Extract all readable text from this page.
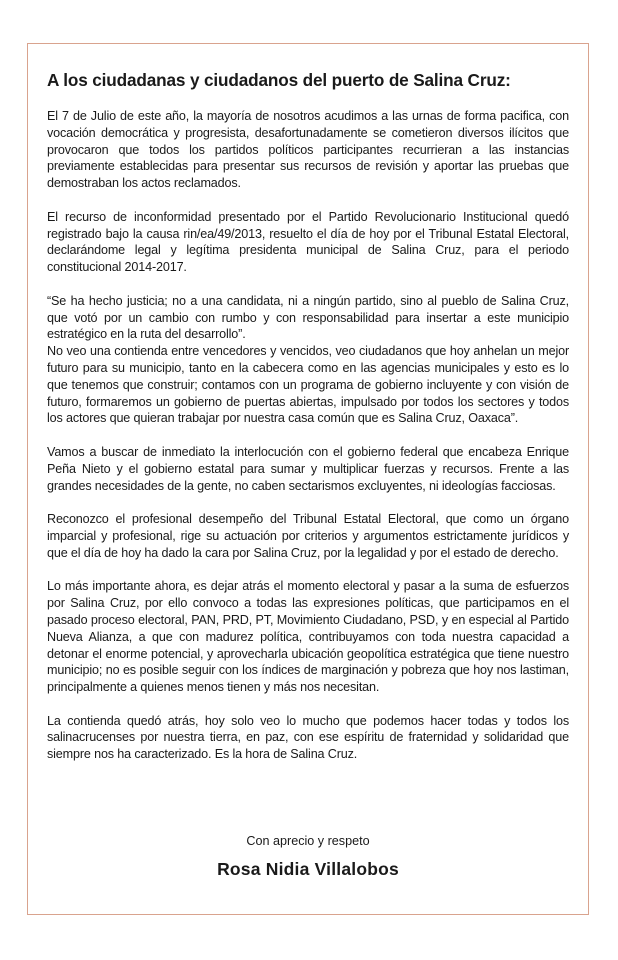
A los ciudadanas y ciudadanos del puerto de Salina Cruz:

El 7 de Julio de este año, la mayoría de nosotros acudimos a las urnas de forma pacifica, con vocación democrática y progresista, desafortunadamente se cometieron diversos ilícitos que provocaron que todos los partidos políticos participantes recurrieran a las instancias previamente establecidas para presentar sus recursos de revisión y aportar las pruebas que demostraban los actos reclamados.

El recurso de inconformidad presentado por el Partido Revolucionario Institucional quedó registrado bajo la causa rin/ea/49/2013, resuelto el día de hoy por el Tribunal Estatal Electoral, declarándome legal y legítima presidenta municipal de Salina Cruz, para el periodo constitucional 2014-2017.

“Se ha hecho justicia; no a una candidata, ni a ningún partido, sino al pueblo de Salina Cruz, que votó por un cambio con rumbo y con responsabilidad para insertar a este municipio estratégico en la ruta del desarrollo”.

No veo una contienda entre vencedores y vencidos, veo ciudadanos que hoy anhelan un mejor futuro para su municipio, tanto en la cabecera como en las agencias municipales y esto es lo que tenemos que construir; contamos con un programa de gobierno incluyente y con visión de futuro, formaremos un gobierno de puertas abiertas, impulsado por todos los sectores y todos los actores que quieran trabajar por nuestra casa común que es Salina Cruz, Oaxaca”.

Vamos a buscar de inmediato la interlocución con el gobierno federal que encabeza Enrique Peña Nieto y el gobierno estatal para sumar y multiplicar fuerzas y recursos. Frente a las grandes necesidades de la gente, no caben sectarismos excluyentes, ni ideologías facciosas.

Reconozco el profesional desempeño del Tribunal Estatal Electoral, que como un órgano imparcial y profesional, rige su actuación por criterios y argumentos estrictamente jurídicos y que el día de hoy ha dado la cara por Salina Cruz, por la legalidad y por el estado de derecho.

Lo más importante ahora, es dejar atrás el momento electoral y pasar a la suma de esfuerzos por Salina Cruz, por ello convoco a todas las expresiones políticas, que participamos en el pasado proceso electoral, PAN, PRD, PT, Movimiento Ciudadano, PSD, y en especial al Partido Nueva Alianza, a que con madurez política, contribuyamos con toda nuestra capacidad a detonar el enorme potencial, y aprovecharla ubicación geopolítica estratégica que tiene nuestro municipio; no es posible seguir con los índices de marginación y pobreza que hoy nos lastiman, principalmente a quienes menos tienen y más nos necesitan.

La contienda quedó atrás, hoy solo veo lo mucho que podemos hacer todas y todos los salinacrucenses por nuestra tierra, en paz, con ese espíritu de fraternidad y solidaridad que siempre nos ha caracterizado. Es la hora de Salina Cruz.

Con aprecio y respeto

Rosa Nidia Villalobos
